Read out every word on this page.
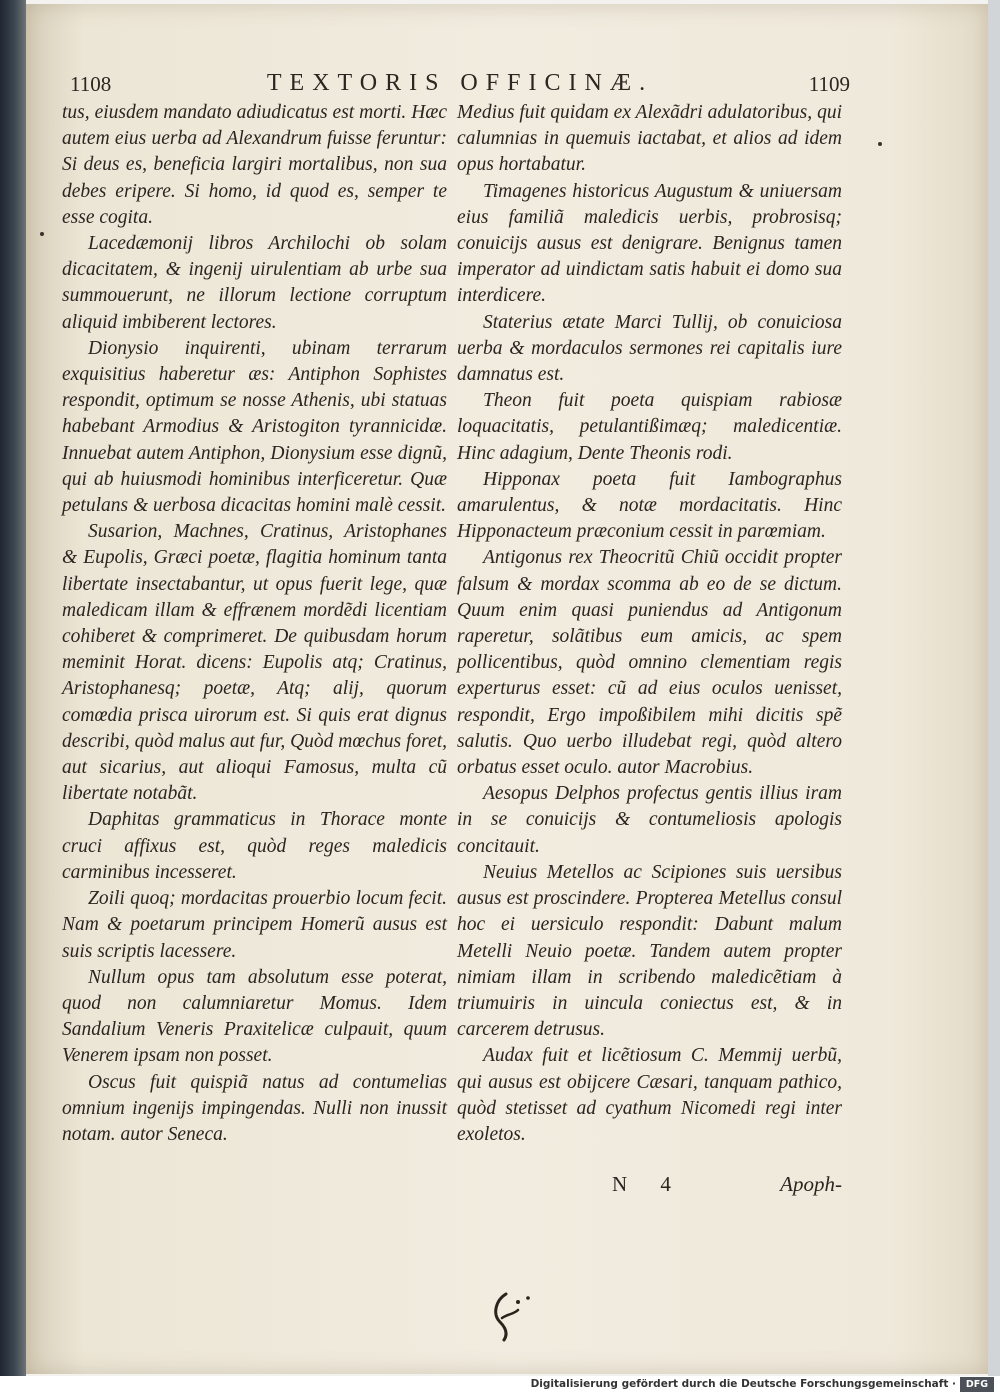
1108	TEXTORIS OFFICINÆ.	1109

tus, eiusdem mandato adiudicatus est morti. Hæc autem eius uerba ad Alexandrum fuisse feruntur: Si deus es, beneficia largiri mortalibus, non sua debes eripere. Si homo, id quod es, semper te esse cogita.

Lacedæmonij libros Archilochi ob solam dicacitatem, & ingenij uirulentiam ab urbe sua summouerunt, ne illorum lectione corruptum aliquid imbiberent lectores.

Dionysio inquirenti, ubinam terrarum exquisitius haberetur æs: Antiphon Sophistes respondit, optimum se nosse Athenis, ubi statuas habebant Armodius & Aristogiton tyrannicidæ. Innuebat autem Antiphon, Dionysium esse dignũ, qui ab huiusmodi hominibus interficeretur. Quæ petulans & uerbosa dicacitas homini malè cessit.

Susarion, Machnes, Cratinus, Aristophanes & Eupolis, Græci poetæ, flagitia hominum tanta libertate insectabantur, ut opus fuerit lege, quæ maledicam illam & effrænem mordẽdi licentiam cohiberet & comprimeret. De quibusdam horum meminit Horat. dicens: Eupolis atq; Cratinus, Aristophanesq; poetæ, Atq; alij, quorum comœdia prisca uirorum est. Si quis erat dignus describi, quòd malus aut fur, Quòd mœchus foret, aut sicarius, aut alioqui Famosus, multa cũ libertate notabãt.

Daphitas grammaticus in Thorace monte cruci affixus est, quòd reges maledicis carminibus incesseret.

Zoili quoq; mordacitas prouerbio locum fecit. Nam & poetarum principem Homerũ ausus est suis scriptis lacessere.

Nullum opus tam absolutum esse poterat, quod non calumniaretur Momus. Idem Sandalium Veneris Praxitelicæ culpauit, quum Venerem ipsam non posset.

Oscus fuit quispiã natus ad contumelias omnium ingenijs impingendas. Nulli non inussit notam. autor Seneca.

Medius fuit quidam ex Alexãdri adulatoribus, qui calumnias in quemuis iactabat, et alios ad idem opus hortabatur.

Timagenes historicus Augustum & uniuersam eius familiã maledicis uerbis, probrosisq; conuicijs ausus est denigrare. Benignus tamen imperator ad uindictam satis habuit ei domo sua interdicere.

Staterius ætate Marci Tullij, ob conuiciosa uerba & mordaculos sermones rei capitalis iure damnatus est.

Theon fuit poeta quispiam rabiosæ loquacitatis, petulantißimæq; maledicentiæ. Hinc adagium, Dente Theonis rodi.

Hipponax poeta fuit Iambographus amarulentus, & notæ mordacitatis. Hinc Hipponacteum præconium cessit in parœmiam.

Antigonus rex Theocritũ Chiũ occidit propter falsum & mordax scomma ab eo de se dictum. Quum enim quasi puniendus ad Antigonum raperetur, solãtibus eum amicis, ac spem pollicentibus, quòd omnino clementiam regis experturus esset: cũ ad eius oculos uenisset, respondit, Ergo impoßibilem mihi dicitis spẽ salutis. Quo uerbo illudebat regi, quòd altero orbatus esset oculo. autor Macrobius.

Aesopus Delphos profectus gentis illius iram in se conuicijs & contumeliosis apologis concitauit.

Neuius Metellos ac Scipiones suis uersibus ausus est proscindere. Propterea Metellus consul hoc ei uersiculo respondit: Dabunt malum Metelli Neuio poetæ. Tandem autem propter nimiam illam in scribendo maledicẽtiam à triumuiris in uincula coniectus est, & in carcerem detrusus.

Audax fuit et licẽtiosum C. Memmij uerbũ, qui ausus est obijcere Cæsari, tanquam pathico, quòd stetisset ad cyathum Nicomedi regi inter exoletos.

N 4	Apoph-
Digitalisierung gefördert durch die Deutsche Forschungsgemeinschaft ·	DFG
